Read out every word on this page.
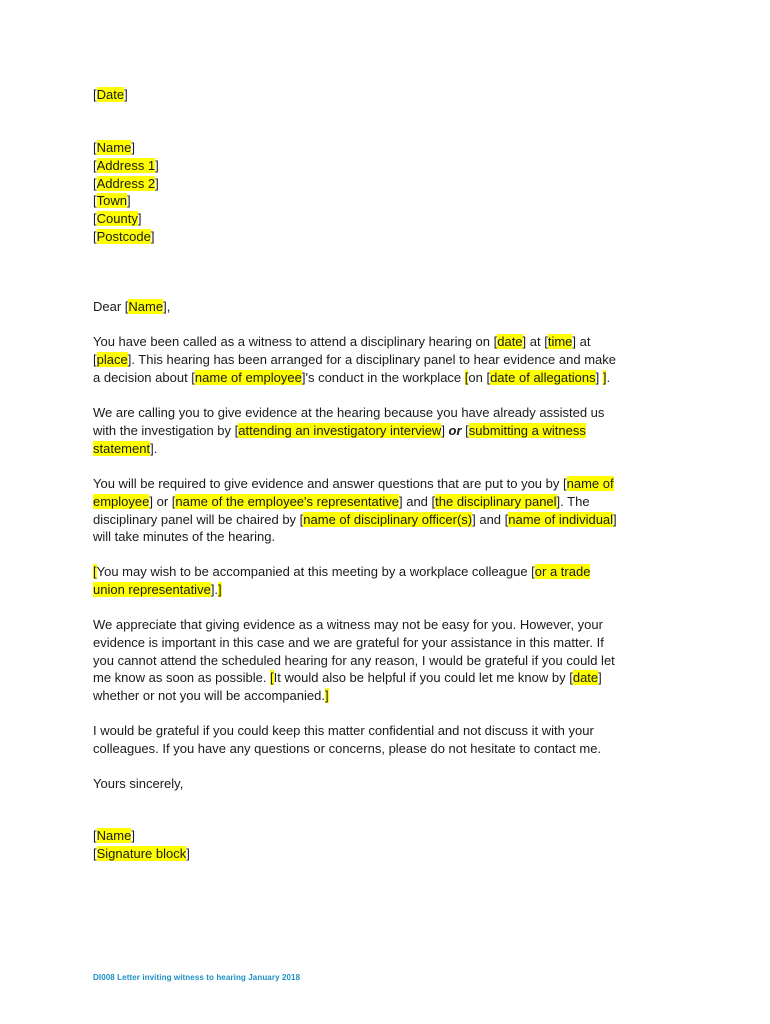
[Date]
[Name]
[Address 1]
[Address 2]
[Town]
[County]
[Postcode]
Dear [Name],
You have been called as a witness to attend a disciplinary hearing on [date] at [time] at
[place]. This hearing has been arranged for a disciplinary panel to hear evidence and make
a decision about [name of employee]'s conduct in the workplace [on [date of allegations] ].
We are calling you to give evidence at the hearing because you have already assisted us
with the investigation by [attending an investigatory interview] or [submitting a witness
statement].
You will be required to give evidence and answer questions that are put to you by [name of
employee] or [name of the employee's representative] and [the disciplinary panel]. The
disciplinary panel will be chaired by [name of disciplinary officer(s)] and [name of individual]
will take minutes of the hearing.
[You may wish to be accompanied at this meeting by a workplace colleague [or a trade
union representative].]
We appreciate that giving evidence as a witness may not be easy for you. However, your
evidence is important in this case and we are grateful for your assistance in this matter. If
you cannot attend the scheduled hearing for any reason, I would be grateful if you could let
me know as soon as possible. [It would also be helpful if you could let me know by [date]
whether or not you will be accompanied.]
I would be grateful if you could keep this matter confidential and not discuss it with your
colleagues. If you have any questions or concerns, please do not hesitate to contact me.
Yours sincerely,
[Name]
[Signature block]
DI008 Letter inviting witness to hearing January 2018
